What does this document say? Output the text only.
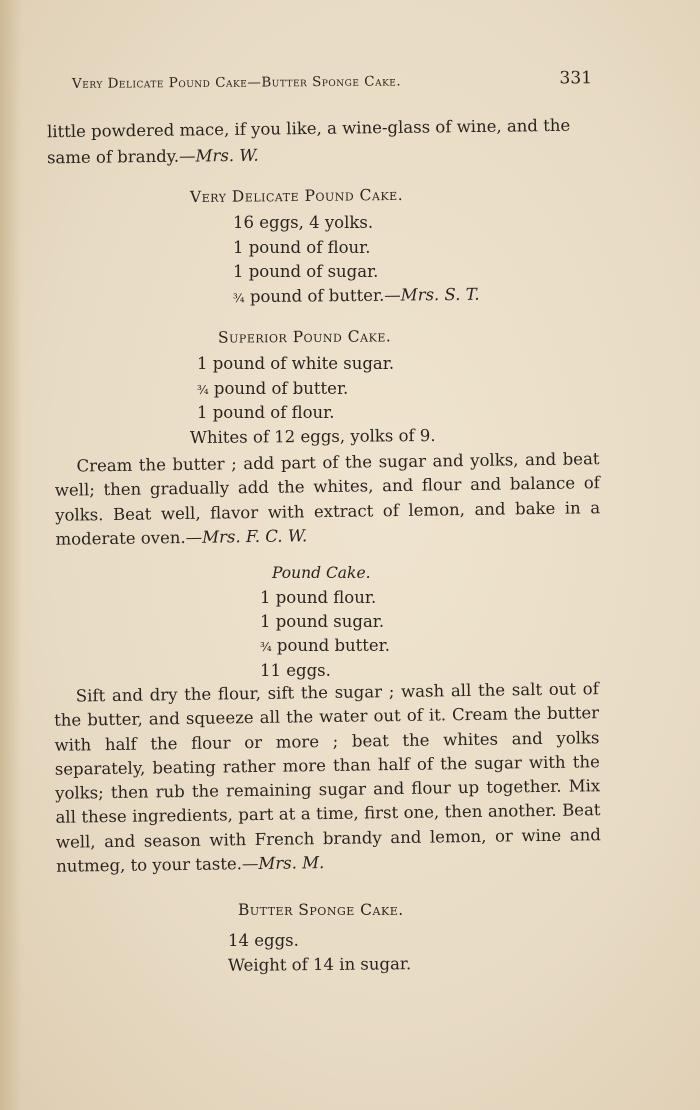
Very Delicate Pound Cake—Butter Sponge Cake.	331
little powdered mace, if you like, a wine-glass of wine, and the
same of brandy.—Mrs. W.
Very Delicate Pound Cake.
16 eggs, 4 yolks.
1 pound of flour.
1 pound of sugar.
¾ pound of butter.—Mrs. S. T.
Superior Pound Cake.
1 pound of white sugar.
¾ pound of butter.
1 pound of flour.
Whites of 12 eggs, yolks of 9.

Cream the butter ; add part of the sugar and yolks, and beat well; then gradually add the whites, and flour and balance of yolks. Beat well, flavor with extract of lemon, and bake in a moderate oven.—Mrs. F. C. W.

Pound Cake.
1 pound flour.
1 pound sugar.
¾ pound butter.
11 eggs.

Sift and dry the flour, sift the sugar ; wash all the salt out of the butter, and squeeze all the water out of it. Cream the butter with half the flour or more ; beat the whites and yolks separately, beating rather more than half of the sugar with the yolks; then rub the remaining sugar and flour up together. Mix all these ingredients, part at a time, first one, then another. Beat well, and season with French brandy and lemon, or wine and nutmeg, to your taste.—Mrs. M.

Butter Sponge Cake.
14 eggs.
Weight of 14 in sugar.
